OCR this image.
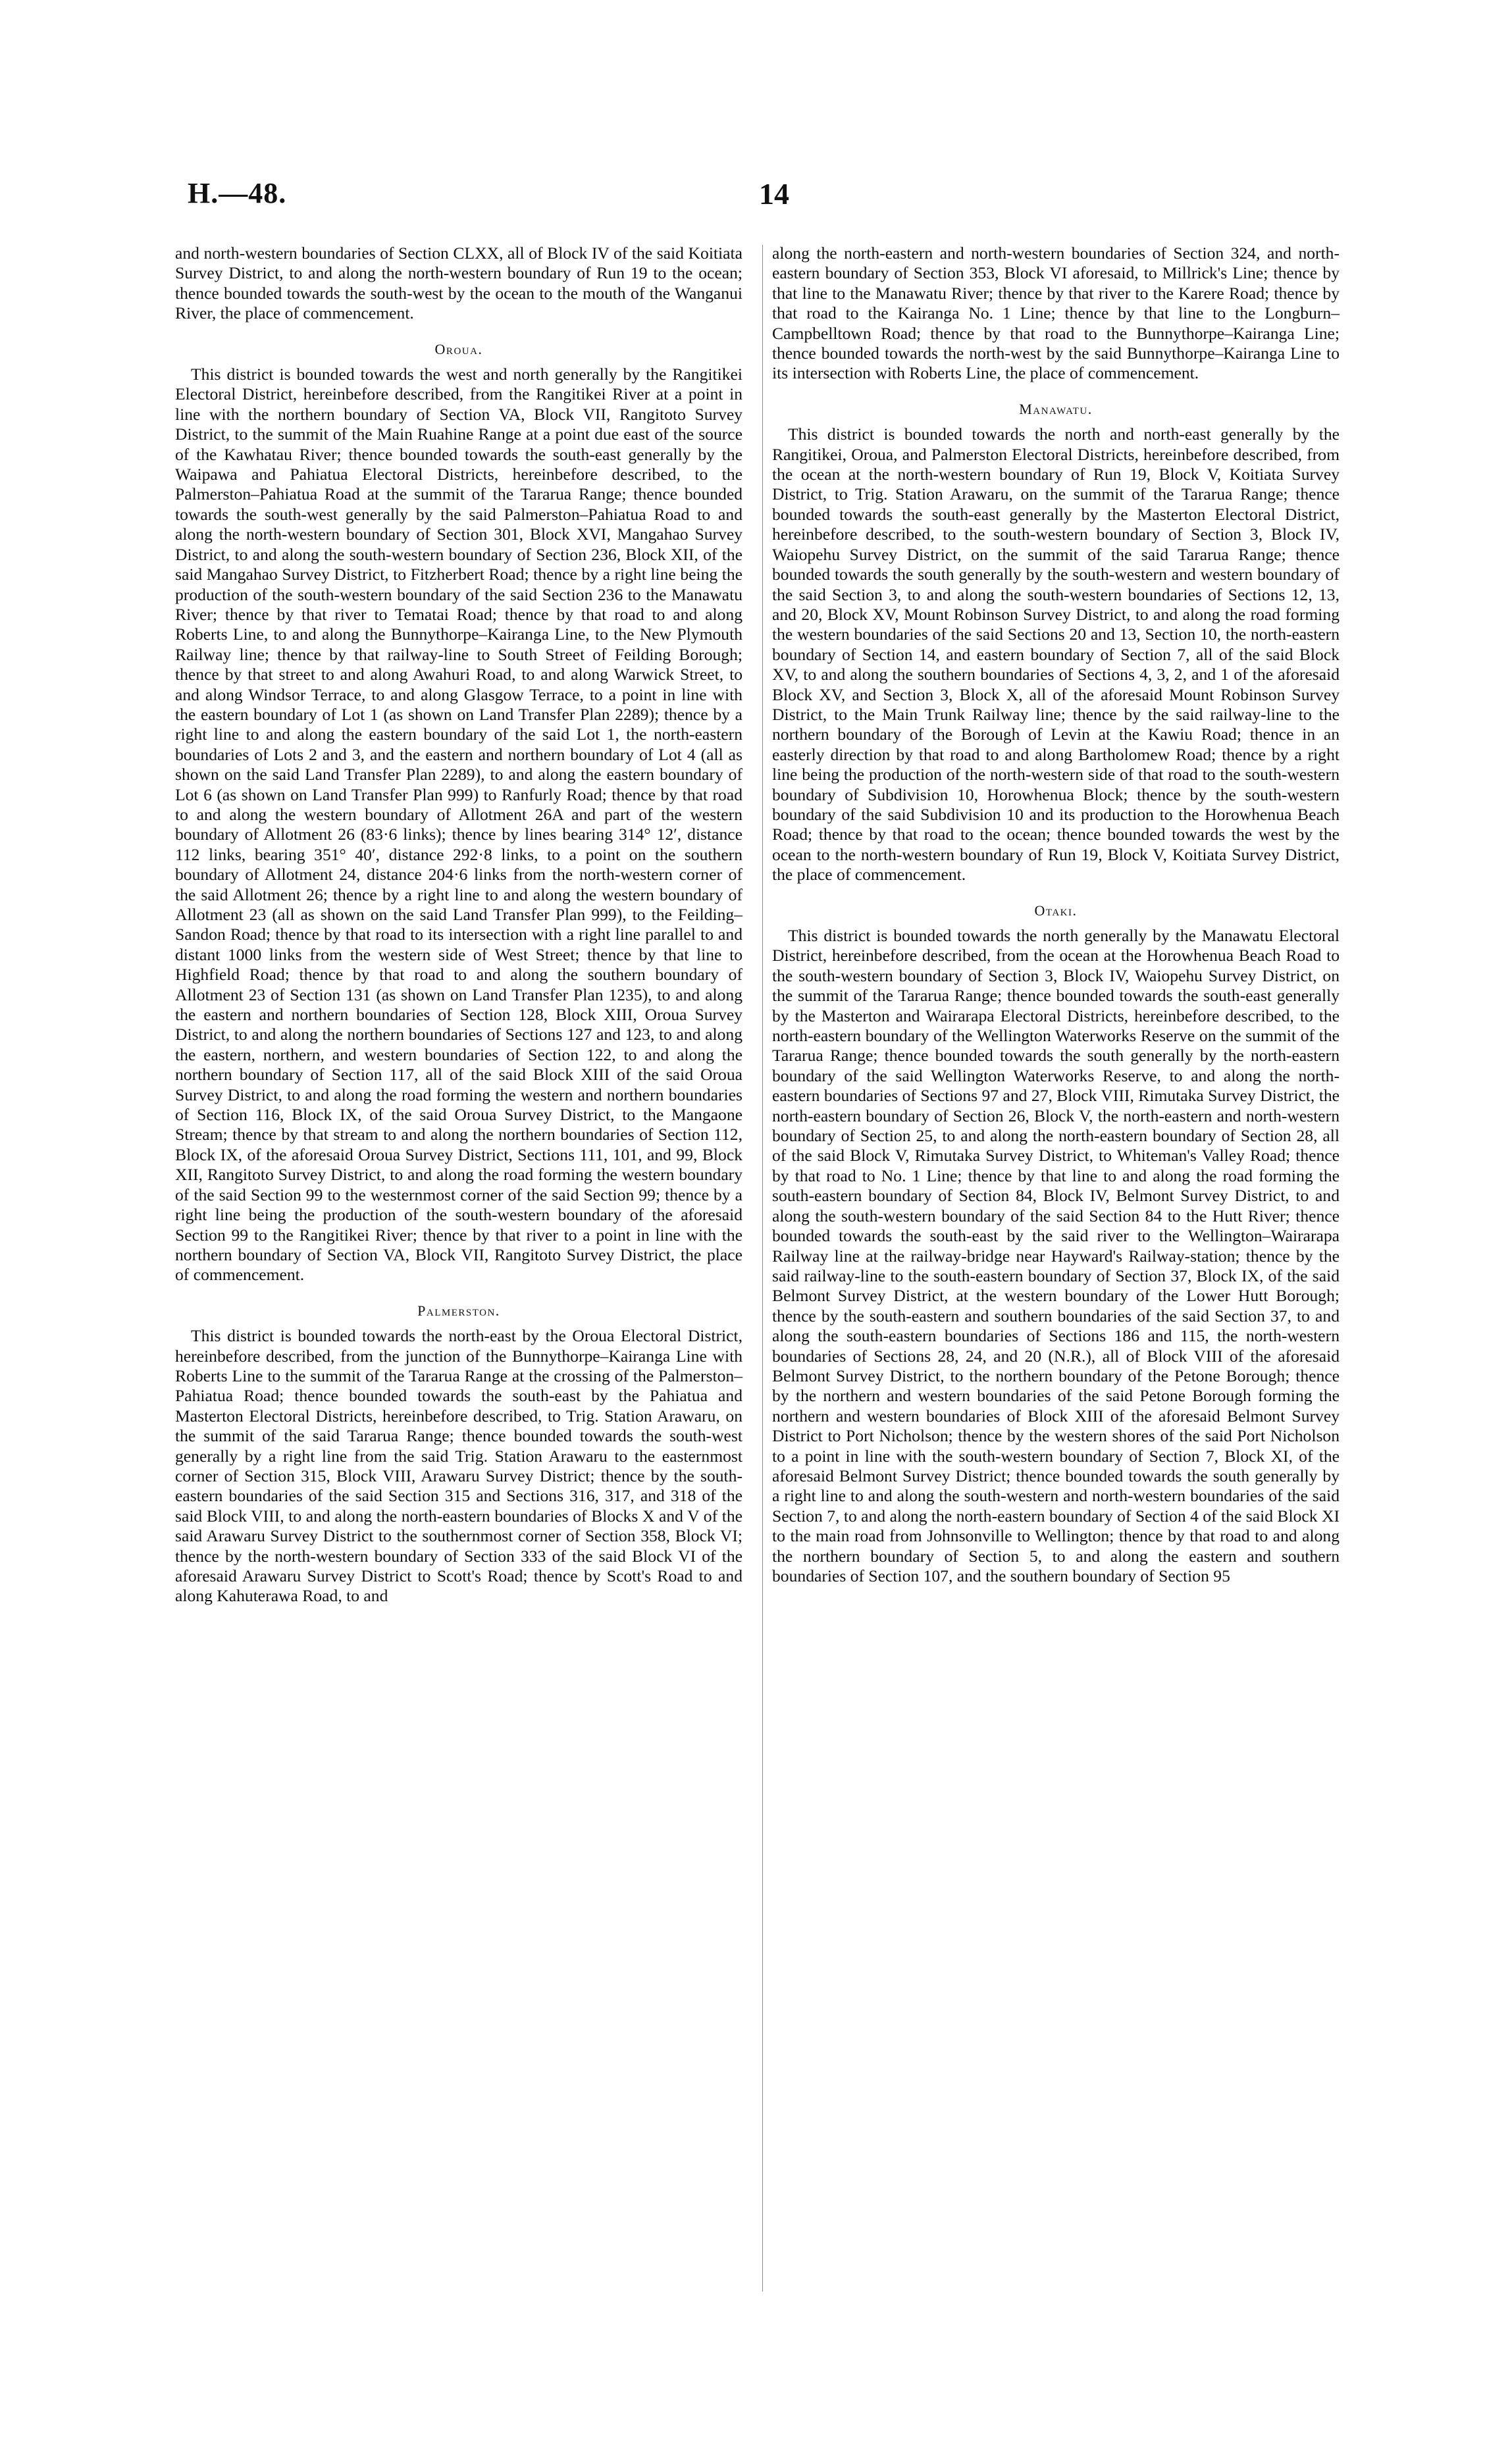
H.—48.	14

and north-western boundaries of Section CLXX, all of Block IV of the said Koitiata Survey District, to and along the north-western boundary of Run 19 to the ocean; thence bounded towards the south-west by the ocean to the mouth of the Wanganui River, the place of commencement.

Oroua.

This district is bounded towards the west and north generally by the Rangitikei Electoral District, hereinbefore described, from the Rangitikei River at a point in line with the northern boundary of Section VA, Block VII, Rangitoto Survey District, to the summit of the Main Ruahine Range at a point due east of the source of the Kawhatau River; thence bounded towards the south-east generally by the Waipawa and Pahiatua Electoral Districts, hereinbefore described, to the Palmerston–Pahiatua Road at the summit of the Tararua Range; thence bounded towards the south-west generally by the said Palmerston–Pahiatua Road to and along the north-western boundary of Section 301, Block XVI, Mangahao Survey District, to and along the south-western boundary of Section 236, Block XII, of the said Mangahao Survey District, to Fitzherbert Road; thence by a right line being the production of the south-western boundary of the said Section 236 to the Manawatu River; thence by that river to Tematai Road; thence by that road to and along Roberts Line, to and along the Bunnythorpe–Kairanga Line, to the New Plymouth Railway line; thence by that railway-line to South Street of Feilding Borough; thence by that street to and along Awahuri Road, to and along Warwick Street, to and along Windsor Terrace, to and along Glasgow Terrace, to a point in line with the eastern boundary of Lot 1 (as shown on Land Transfer Plan 2289); thence by a right line to and along the eastern boundary of the said Lot 1, the north-eastern boundaries of Lots 2 and 3, and the eastern and northern boundary of Lot 4 (all as shown on the said Land Transfer Plan 2289), to and along the eastern boundary of Lot 6 (as shown on Land Transfer Plan 999) to Ranfurly Road; thence by that road to and along the western boundary of Allotment 26A and part of the western boundary of Allotment 26 (83·6 links); thence by lines bearing 314° 12′, distance 112 links, bearing 351° 40′, distance 292·8 links, to a point on the southern boundary of Allotment 24, distance 204·6 links from the north-western corner of the said Allotment 26; thence by a right line to and along the western boundary of Allotment 23 (all as shown on the said Land Transfer Plan 999), to the Feilding–Sandon Road; thence by that road to its intersection with a right line parallel to and distant 1000 links from the western side of West Street; thence by that line to Highfield Road; thence by that road to and along the southern boundary of Allotment 23 of Section 131 (as shown on Land Transfer Plan 1235), to and along the eastern and northern boundaries of Section 128, Block XIII, Oroua Survey District, to and along the northern boundaries of Sections 127 and 123, to and along the eastern, northern, and western boundaries of Section 122, to and along the northern boundary of Section 117, all of the said Block XIII of the said Oroua Survey District, to and along the road forming the western and northern boundaries of Section 116, Block IX, of the said Oroua Survey District, to the Mangaone Stream; thence by that stream to and along the northern boundaries of Section 112, Block IX, of the aforesaid Oroua Survey District, Sections 111, 101, and 99, Block XII, Rangitoto Survey District, to and along the road forming the western boundary of the said Section 99 to the westernmost corner of the said Section 99; thence by a right line being the production of the south-western boundary of the aforesaid Section 99 to the Rangitikei River; thence by that river to a point in line with the northern boundary of Section VA, Block VII, Rangitoto Survey District, the place of commencement.

Palmerston.

This district is bounded towards the north-east by the Oroua Electoral District, hereinbefore described, from the junction of the Bunnythorpe–Kairanga Line with Roberts Line to the summit of the Tararua Range at the crossing of the Palmerston–Pahiatua Road; thence bounded towards the south-east by the Pahiatua and Masterton Electoral Districts, hereinbefore described, to Trig. Station Arawaru, on the summit of the said Tararua Range; thence bounded towards the south-west generally by a right line from the said Trig. Station Arawaru to the easternmost corner of Section 315, Block VIII, Arawaru Survey District; thence by the south-eastern boundaries of the said Section 315 and Sections 316, 317, and 318 of the said Block VIII, to and along the north-eastern boundaries of Blocks X and V of the said Arawaru Survey District to the southernmost corner of Section 358, Block VI; thence by the north-western boundary of Section 333 of the said Block VI of the aforesaid Arawaru Survey District to Scott's Road; thence by Scott's Road to and along Kahuterawa Road, to and

along the north-eastern and north-western boundaries of Section 324, and north-eastern boundary of Section 353, Block VI aforesaid, to Millrick's Line; thence by that line to the Manawatu River; thence by that river to the Karere Road; thence by that road to the Kairanga No. 1 Line; thence by that line to the Longburn–Campbelltown Road; thence by that road to the Bunnythorpe–Kairanga Line; thence bounded towards the north-west by the said Bunnythorpe–Kairanga Line to its intersection with Roberts Line, the place of commencement.

Manawatu.

This district is bounded towards the north and north-east generally by the Rangitikei, Oroua, and Palmerston Electoral Districts, hereinbefore described, from the ocean at the north-western boundary of Run 19, Block V, Koitiata Survey District, to Trig. Station Arawaru, on the summit of the Tararua Range; thence bounded towards the south-east generally by the Masterton Electoral District, hereinbefore described, to the south-western boundary of Section 3, Block IV, Waiopehu Survey District, on the summit of the said Tararua Range; thence bounded towards the south generally by the south-western and western boundary of the said Section 3, to and along the south-western boundaries of Sections 12, 13, and 20, Block XV, Mount Robinson Survey District, to and along the road forming the western boundaries of the said Sections 20 and 13, Section 10, the north-eastern boundary of Section 14, and eastern boundary of Section 7, all of the said Block XV, to and along the southern boundaries of Sections 4, 3, 2, and 1 of the aforesaid Block XV, and Section 3, Block X, all of the aforesaid Mount Robinson Survey District, to the Main Trunk Railway line; thence by the said railway-line to the northern boundary of the Borough of Levin at the Kawiu Road; thence in an easterly direction by that road to and along Bartholomew Road; thence by a right line being the production of the north-western side of that road to the south-western boundary of Subdivision 10, Horowhenua Block; thence by the south-western boundary of the said Subdivision 10 and its production to the Horowhenua Beach Road; thence by that road to the ocean; thence bounded towards the west by the ocean to the north-western boundary of Run 19, Block V, Koitiata Survey District, the place of commencement.

Otaki.

This district is bounded towards the north generally by the Manawatu Electoral District, hereinbefore described, from the ocean at the Horowhenua Beach Road to the south-western boundary of Section 3, Block IV, Waiopehu Survey District, on the summit of the Tararua Range; thence bounded towards the south-east generally by the Masterton and Wairarapa Electoral Districts, hereinbefore described, to the north-eastern boundary of the Wellington Waterworks Reserve on the summit of the Tararua Range; thence bounded towards the south generally by the north-eastern boundary of the said Wellington Waterworks Reserve, to and along the north-eastern boundaries of Sections 97 and 27, Block VIII, Rimutaka Survey District, the north-eastern boundary of Section 26, Block V, the north-eastern and north-western boundary of Section 25, to and along the north-eastern boundary of Section 28, all of the said Block V, Rimutaka Survey District, to Whiteman's Valley Road; thence by that road to No. 1 Line; thence by that line to and along the road forming the south-eastern boundary of Section 84, Block IV, Belmont Survey District, to and along the south-western boundary of the said Section 84 to the Hutt River; thence bounded towards the south-east by the said river to the Wellington–Wairarapa Railway line at the railway-bridge near Hayward's Railway-station; thence by the said railway-line to the south-eastern boundary of Section 37, Block IX, of the said Belmont Survey District, at the western boundary of the Lower Hutt Borough; thence by the south-eastern and southern boundaries of the said Section 37, to and along the south-eastern boundaries of Sections 186 and 115, the north-western boundaries of Sections 28, 24, and 20 (N.R.), all of Block VIII of the aforesaid Belmont Survey District, to the northern boundary of the Petone Borough; thence by the northern and western boundaries of the said Petone Borough forming the northern and western boundaries of Block XIII of the aforesaid Belmont Survey District to Port Nicholson; thence by the western shores of the said Port Nicholson to a point in line with the south-western boundary of Section 7, Block XI, of the aforesaid Belmont Survey District; thence bounded towards the south generally by a right line to and along the south-western and north-western boundaries of the said Section 7, to and along the north-eastern boundary of Section 4 of the said Block XI to the main road from Johnsonville to Wellington; thence by that road to and along the northern boundary of Section 5, to and along the eastern and southern boundaries of Section 107, and the southern boundary of Section 95
